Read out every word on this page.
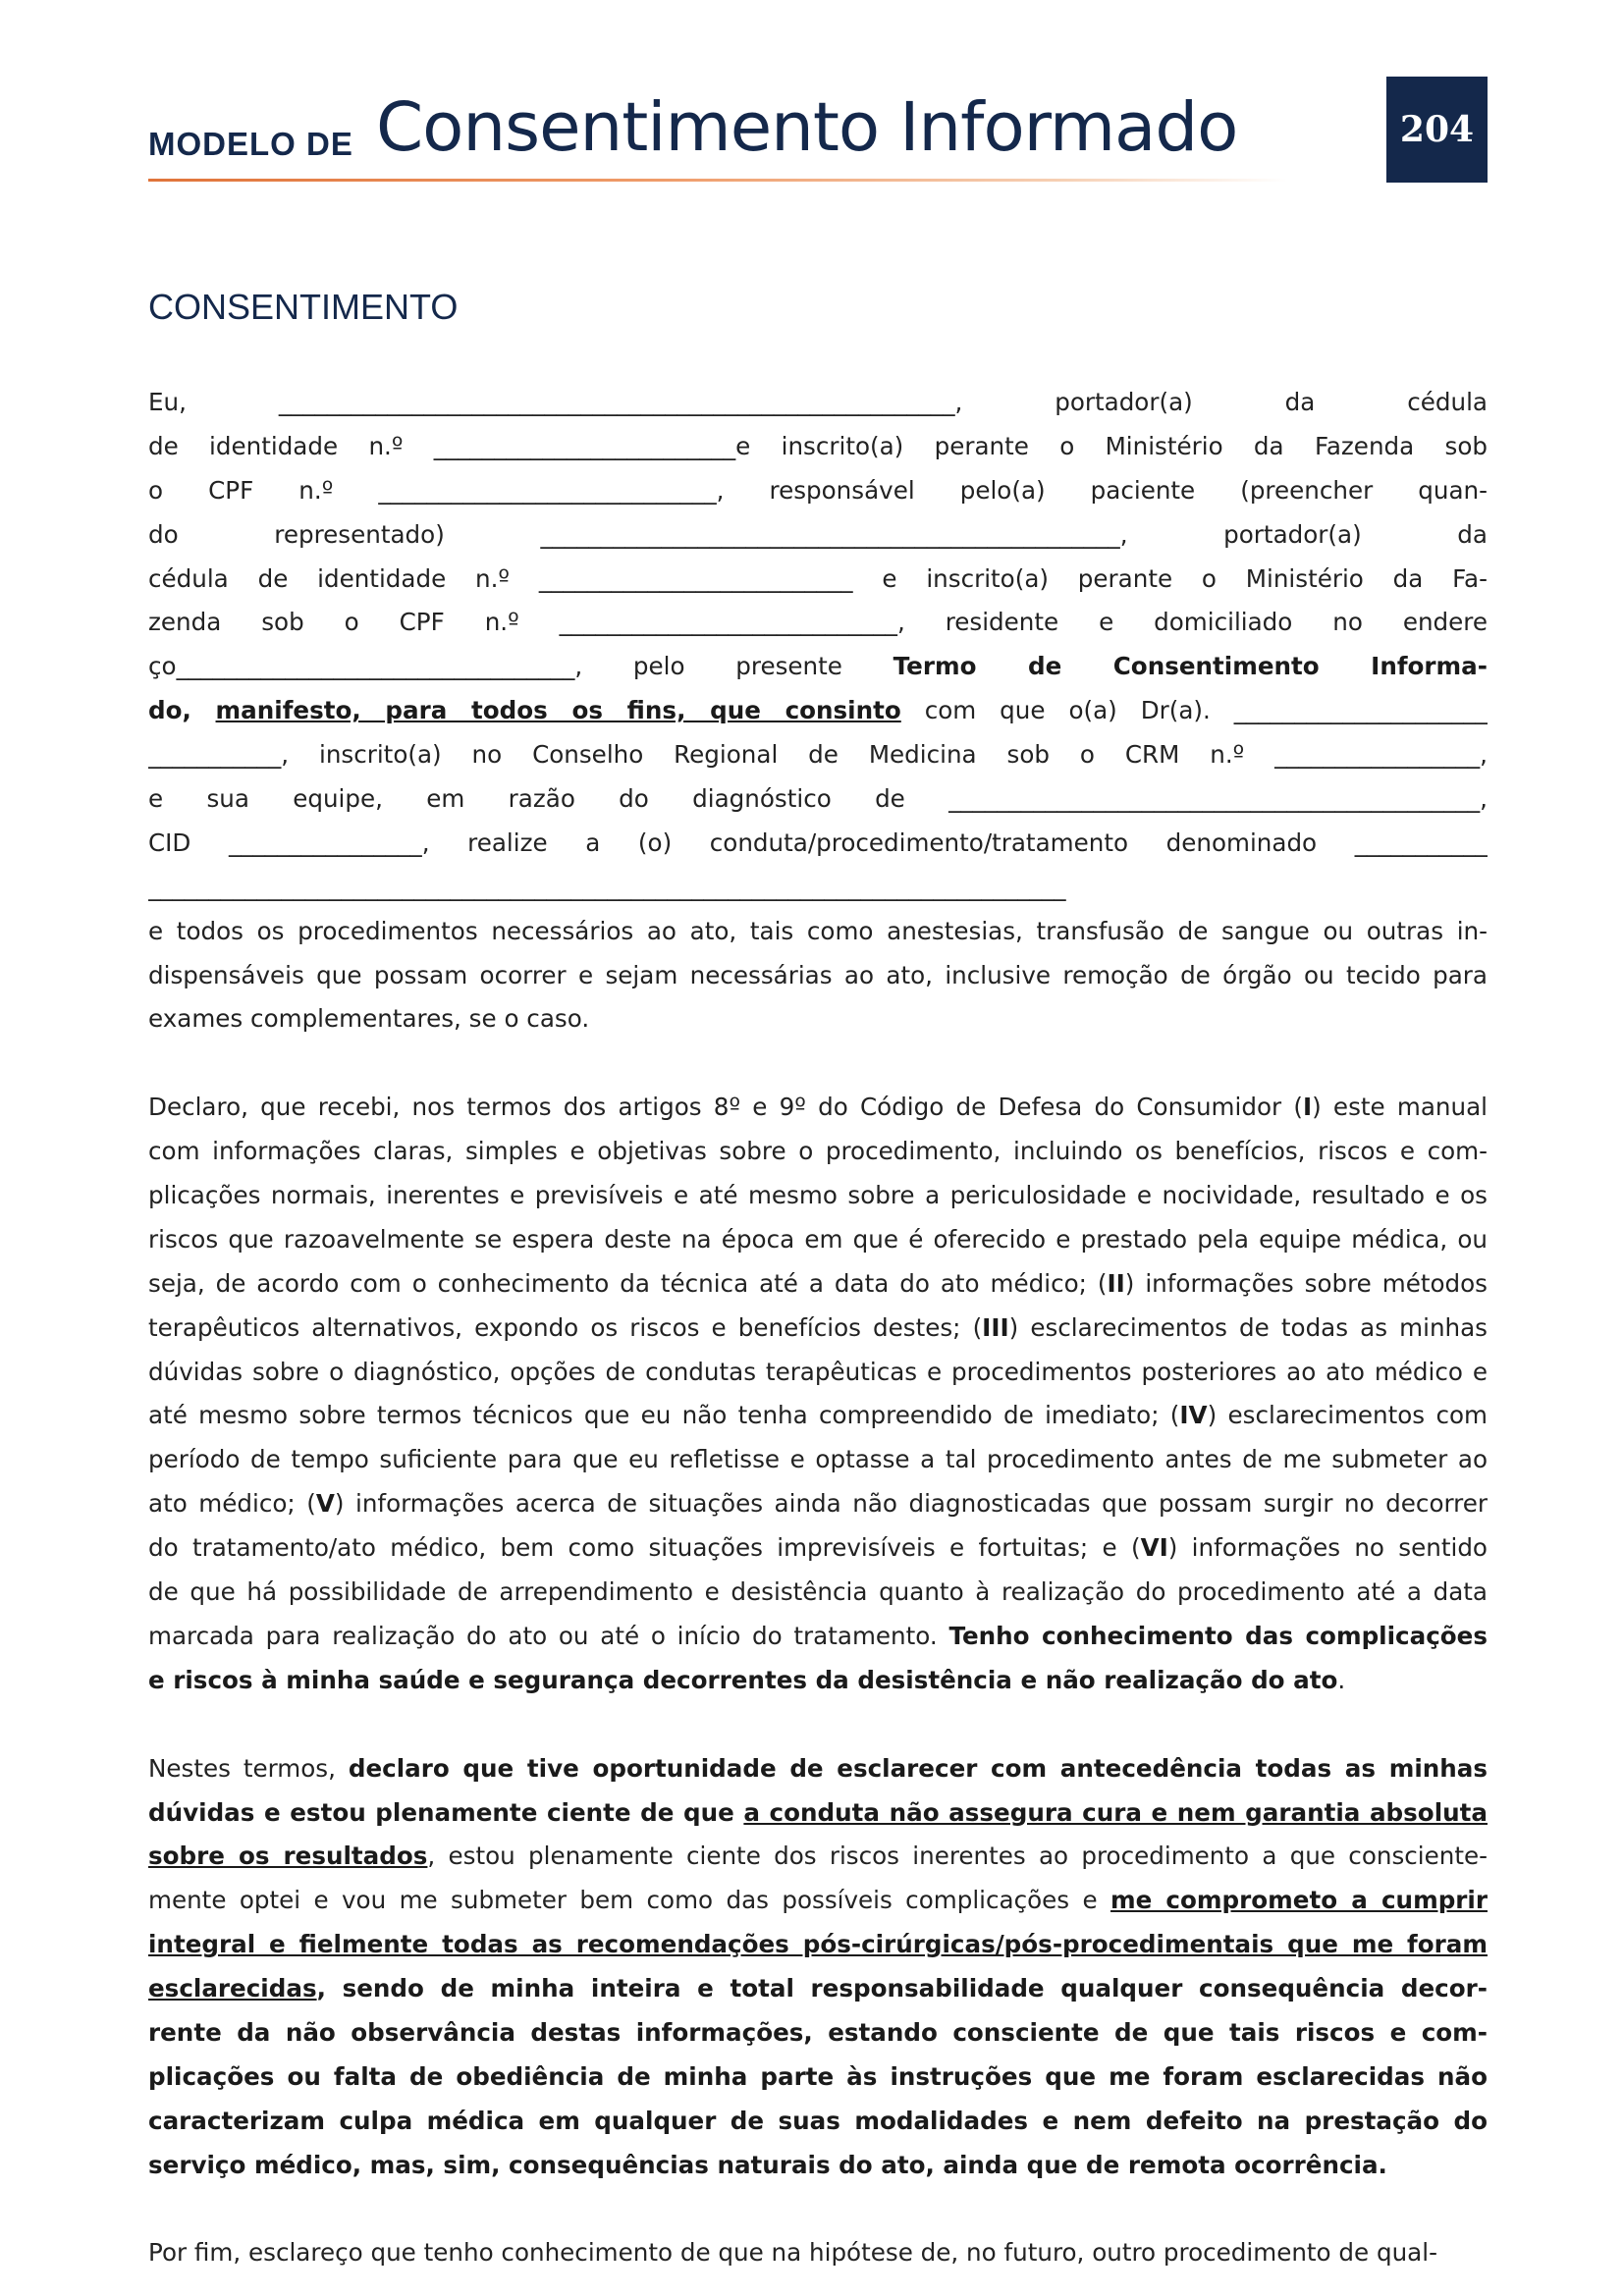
MODELO DE Consentimento Informado	204
CONSENTIMENTO
Eu, ________________________________________________________, portador(a) da cédula
de identidade n.º _________________________e inscrito(a) perante o Ministério da Fazenda sob
o CPF n.º ____________________________, responsável pelo(a) paciente (preencher quan-
do representado) ________________________________________________, portador(a) da
cédula de identidade n.º __________________________ e inscrito(a) perante o Ministério da Fa-
zenda sob o CPF n.º ____________________________, residente e domiciliado no endere
ço_________________________________, pelo presente Termo de Consentimento Informa-
do, manifesto, para todos os fins, que consinto com que o(a) Dr(a). _____________________
___________, inscrito(a) no Conselho Regional de Medicina sob o CRM n.º _________________,
e sua equipe, em razão do diagnóstico de ____________________________________________,
CID ________________, realize a (o) conduta/procedimento/tratamento denominado ___________
____________________________________________________________________________
e todos os procedimentos necessários ao ato, tais como anestesias, transfusão de sangue ou outras in-
dispensáveis que possam ocorrer e sejam necessárias ao ato, inclusive remoção de órgão ou tecido para
exames complementares, se o caso.
Declaro, que recebi, nos termos dos artigos 8º e 9º do Código de Defesa do Consumidor (I) este manual
com informações claras, simples e objetivas sobre o procedimento, incluindo os benefícios, riscos e com-
plicações normais, inerentes e previsíveis e até mesmo sobre a periculosidade e nocividade, resultado e os
riscos que razoavelmente se espera deste na época em que é oferecido e prestado pela equipe médica, ou
seja, de acordo com o conhecimento da técnica até a data do ato médico; (II) informações sobre métodos
terapêuticos alternativos, expondo os riscos e benefícios destes; (III) esclarecimentos de todas as minhas
dúvidas sobre o diagnóstico, opções de condutas terapêuticas e procedimentos posteriores ao ato médico e
até mesmo sobre termos técnicos que eu não tenha compreendido de imediato; (IV) esclarecimentos com
período de tempo suficiente para que eu refletisse e optasse a tal procedimento antes de me submeter ao
ato médico; (V) informações acerca de situações ainda não diagnosticadas que possam surgir no decorrer
do tratamento/ato médico, bem como situações imprevisíveis e fortuitas; e (VI) informações no sentido
de que há possibilidade de arrependimento e desistência quanto à realização do procedimento até a data
marcada para realização do ato ou até o início do tratamento. Tenho conhecimento das complicações
e riscos à minha saúde e segurança decorrentes da desistência e não realização do ato.
Nestes termos, declaro que tive oportunidade de esclarecer com antecedência todas as minhas
dúvidas e estou plenamente ciente de que a conduta não assegura cura e nem garantia absoluta
sobre os resultados, estou plenamente ciente dos riscos inerentes ao procedimento a que conscientе-
mente optei e vou me submeter bem como das possíveis complicações e me comprometo a cumprir
integral e fielmente todas as recomendações pós-cirúrgicas/pós-procedimentais que me foram
esclarecidas, sendo de minha inteira e total responsabilidade qualquer consequência decor-
rente da não observância destas informações, estando consciente de que tais riscos e com-
plicações ou falta de obediência de minha parte às instruções que me foram esclarecidas não
caracterizam culpa médica em qualquer de suas modalidades e nem defeito na prestação do
serviço médico, mas, sim, consequências naturais do ato, ainda que de remota ocorrência.
Por fim, esclareço que tenho conhecimento de que na hipótese de, no futuro, outro procedimento de qual-
